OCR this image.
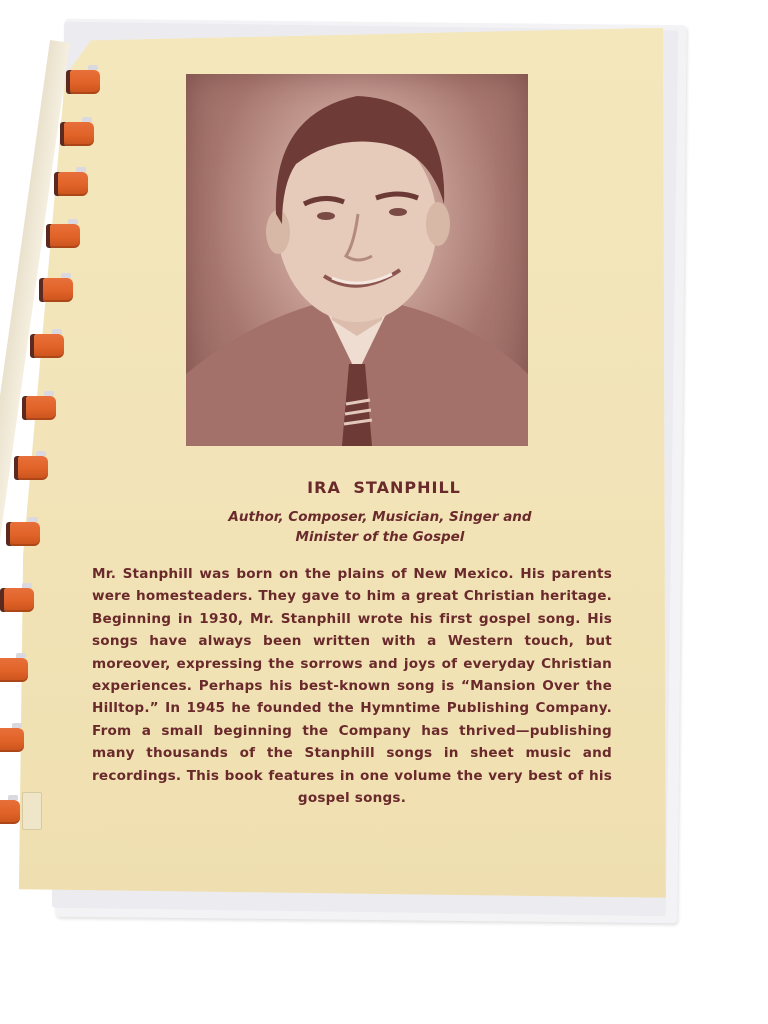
IRA STANPHILL
Author, Composer, Musician, Singer and
Minister of the Gospel
Mr. Stanphill was born on the plains of New Mexico. His parents were homesteaders. They gave to him a great Christian heritage. Beginning in 1930, Mr. Stanphill wrote his first gospel song. His songs have always been written with a Western touch, but moreover, expressing the sorrows and joys of everyday Christian experiences. Perhaps his best-known song is “Mansion Over the Hilltop.” In 1945 he founded the Hymntime Publishing Company. From a small beginning the Company has thrived—publishing many thousands of the Stanphill songs in sheet music and recordings. This book features in one volume the very best of his gospel songs.
